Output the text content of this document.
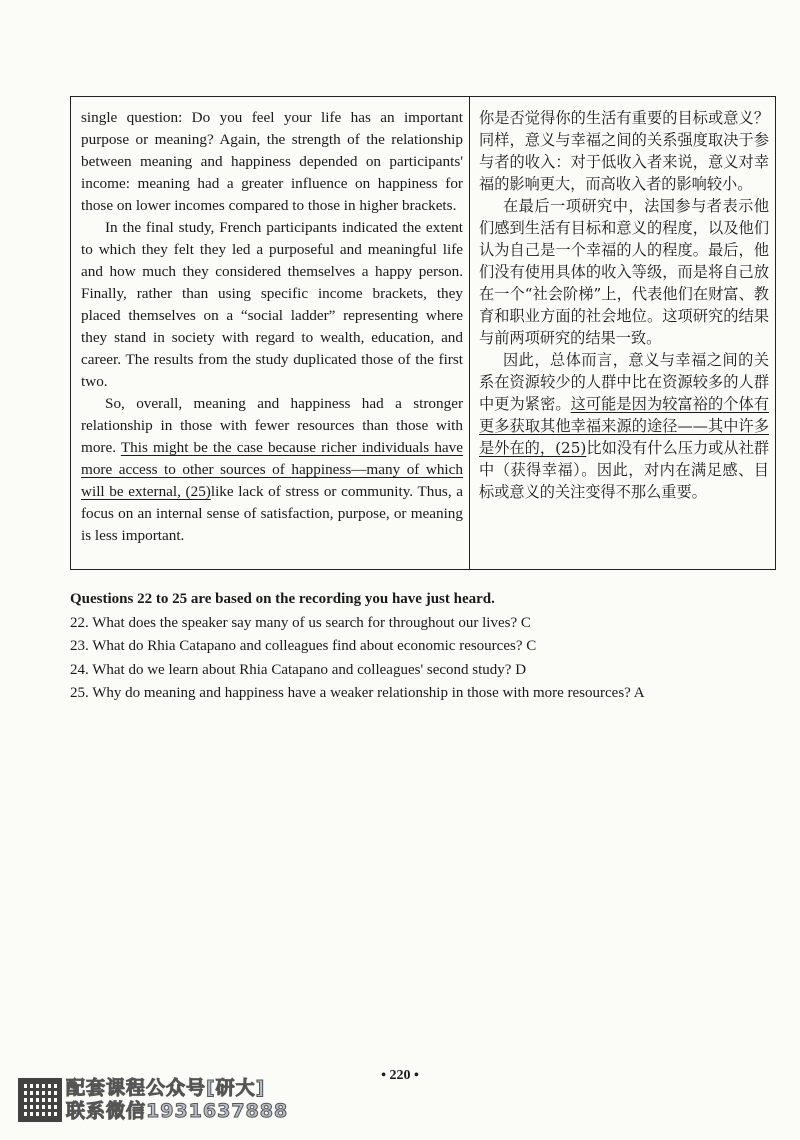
single question: Do you feel your life has an important purpose or meaning? Again, the strength of the relationship between meaning and happiness depended on participants' income: meaning had a greater influence on happiness for those on lower incomes compared to those in higher brackets.

In the final study, French participants indicated the extent to which they felt they led a purposeful and meaningful life and how much they considered themselves a happy person. Finally, rather than using specific income brackets, they placed themselves on a “social ladder” representing where they stand in society with regard to wealth, education, and career. The results from the study duplicated those of the first two.

So, overall, meaning and happiness had a stronger relationship in those with fewer resources than those with more. This might be the case because richer individuals have more access to other sources of happiness—many of which will be external, (25)like lack of stress or community. Thus, a focus on an internal sense of satisfaction, purpose, or meaning is less important.

你是否觉得你的生活有重要的目标或意义？同样，意义与幸福之间的关系强度取决于参与者的收入：对于低收入者来说，意义对幸福的影响更大，而高收入者的影响较小。

在最后一项研究中，法国参与者表示他们感到生活有目标和意义的程度，以及他们认为自己是一个幸福的人的程度。最后，他们没有使用具体的收入等级，而是将自己放在一个“社会阶梯”上，代表他们在财富、教育和职业方面的社会地位。这项研究的结果与前两项研究的结果一致。

因此，总体而言，意义与幸福之间的关系在资源较少的人群中比在资源较多的人群中更为紧密。这可能是因为较富裕的个体有更多获取其他幸福来源的途径——其中许多是外在的，(25)比如没有什么压力或从社群中（获得幸福）。因此，对内在满足感、目标或意义的关注变得不那么重要。

Questions 22 to 25 are based on the recording you have just heard.
22. What does the speaker say many of us search for throughout our lives? C
23. What do Rhia Catapano and colleagues find about economic resources? C
24. What do we learn about Rhia Catapano and colleagues' second study? D
25. Why do meaning and happiness have a weaker relationship in those with more resources? A
• 220 •
配套课程公众号[研大]
联系微信1931637888
